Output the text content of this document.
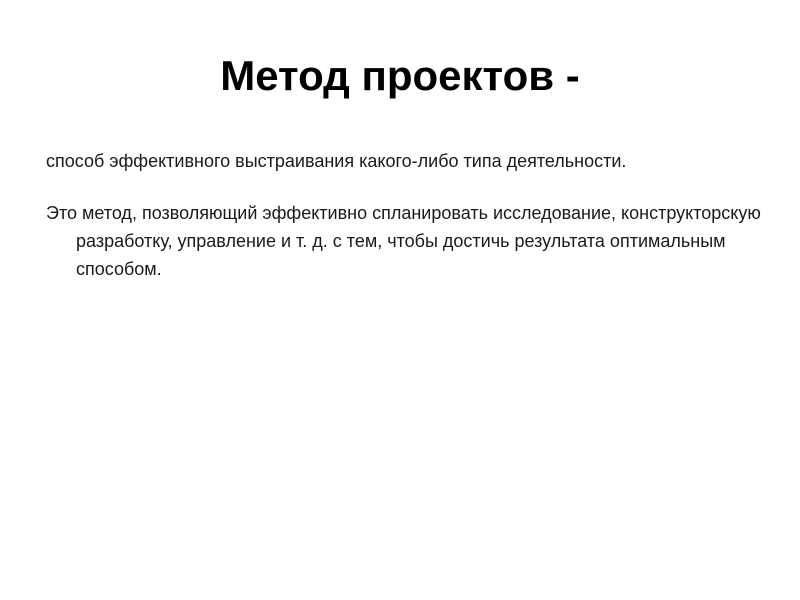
Метод проектов -

способ эффективного выстраивания какого-либо типа деятельности.

Это метод, позволяющий эффективно спланировать исследование, конструкторскую разработку, управление и т. д. с тем, чтобы достичь результата оптимальным способом.
